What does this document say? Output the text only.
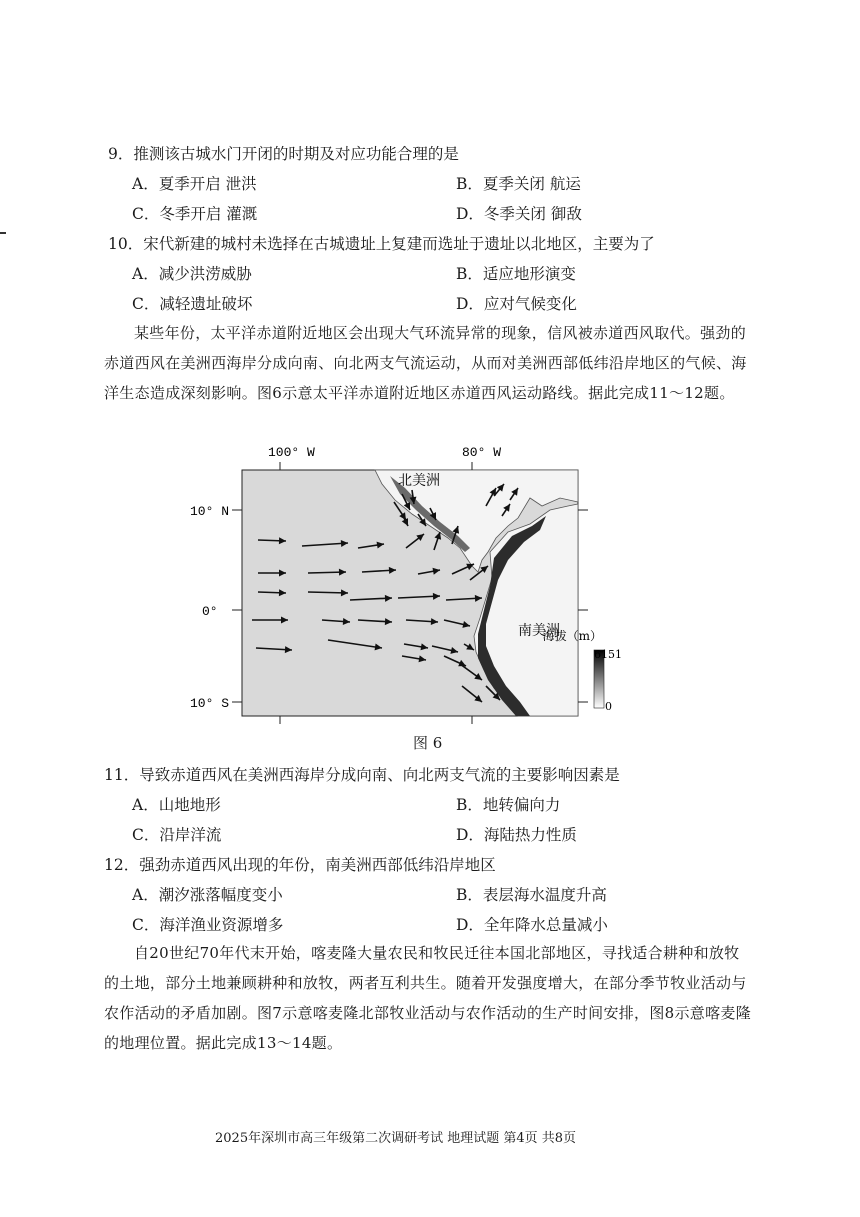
9．推测该古城水门开闭的时期及对应功能合理的是
A．夏季开启 泄洪	B．夏季关闭 航运
C．冬季开启 灌溉	D．冬季关闭 御敌
10．宋代新建的城村未选择在古城遗址上复建而选址于遗址以北地区，主要为了
A．减少洪涝威胁	B．适应地形演变
C．减轻遗址破坏	D．应对气候变化
某些年份，太平洋赤道附近地区会出现大气环流异常的现象，信风被赤道西风取代。强劲的赤道西风在美洲西海岸分成向南、向北两支气流运动，从而对美洲西部低纬沿岸地区的气候、海洋生态造成深刻影响。图6示意太平洋赤道附近地区赤道西风运动路线。据此完成11～12题。
100° W	80° W
10° N
0°
10° S
北美洲
南美洲
海拔（m）
6151
0
图 6
11．导致赤道西风在美洲西海岸分成向南、向北两支气流的主要影响因素是
A．山地地形	B．地转偏向力
C．沿岸洋流	D．海陆热力性质
12．强劲赤道西风出现的年份，南美洲西部低纬沿岸地区
A．潮汐涨落幅度变小	B．表层海水温度升高
C．海洋渔业资源增多	D．全年降水总量减小
自20世纪70年代末开始，喀麦隆大量农民和牧民迁往本国北部地区，寻找适合耕种和放牧的土地，部分土地兼顾耕种和放牧，两者互利共生。随着开发强度增大，在部分季节牧业活动与农作活动的矛盾加剧。图7示意喀麦隆北部牧业活动与农作活动的生产时间安排，图8示意喀麦隆的地理位置。据此完成13～14题。
2025年深圳市高三年级第二次调研考试 地理试题 第4页 共8页
